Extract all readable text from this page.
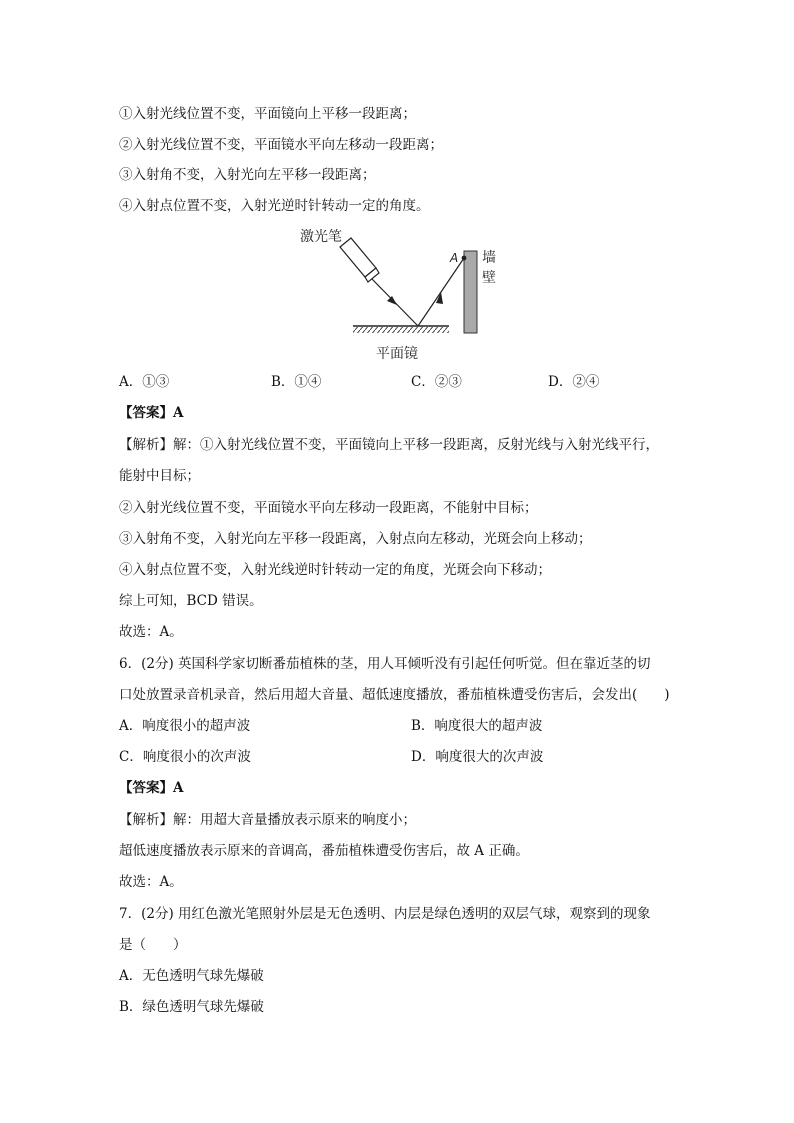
①入射光线位置不变，平面镜向上平移一段距离；
②入射光线位置不变，平面镜水平向左移动一段距离；
③入射角不变，入射光向左平移一段距离；
④入射点位置不变，入射光逆时针转动一定的角度。
激光笔
平面镜
A 墙
壁
A．①③	B．①④	C．②③	D．②④
【答案】A
【解析】解：①入射光线位置不变，平面镜向上平移一段距离，反射光线与入射光线平行，
能射中目标；
②入射光线位置不变，平面镜水平向左移动一段距离，不能射中目标；
③入射角不变，入射光向左平移一段距离，入射点向左移动，光斑会向上移动；
④入射点位置不变，入射光线逆时针转动一定的角度，光斑会向下移动；
综上可知，BCD 错误。
故选：A。
6．(2分) 英国科学家切断番茄植株的茎，用人耳倾听没有引起任何听觉。但在靠近茎的切
口处放置录音机录音，然后用超大音量、超低速度播放，番茄植株遭受伤害后，会发出(　　)
A．响度很小的超声波	B．响度很大的超声波
C．响度很小的次声波	D．响度很大的次声波
【答案】A
【解析】解：用超大音量播放表示原来的响度小；
超低速度播放表示原来的音调高，番茄植株遭受伤害后，故 A 正确。
故选：A。
7．(2分) 用红色激光笔照射外层是无色透明、内层是绿色透明的双层气球，观察到的现象
是（　　）
A．无色透明气球先爆破
B．绿色透明气球先爆破
